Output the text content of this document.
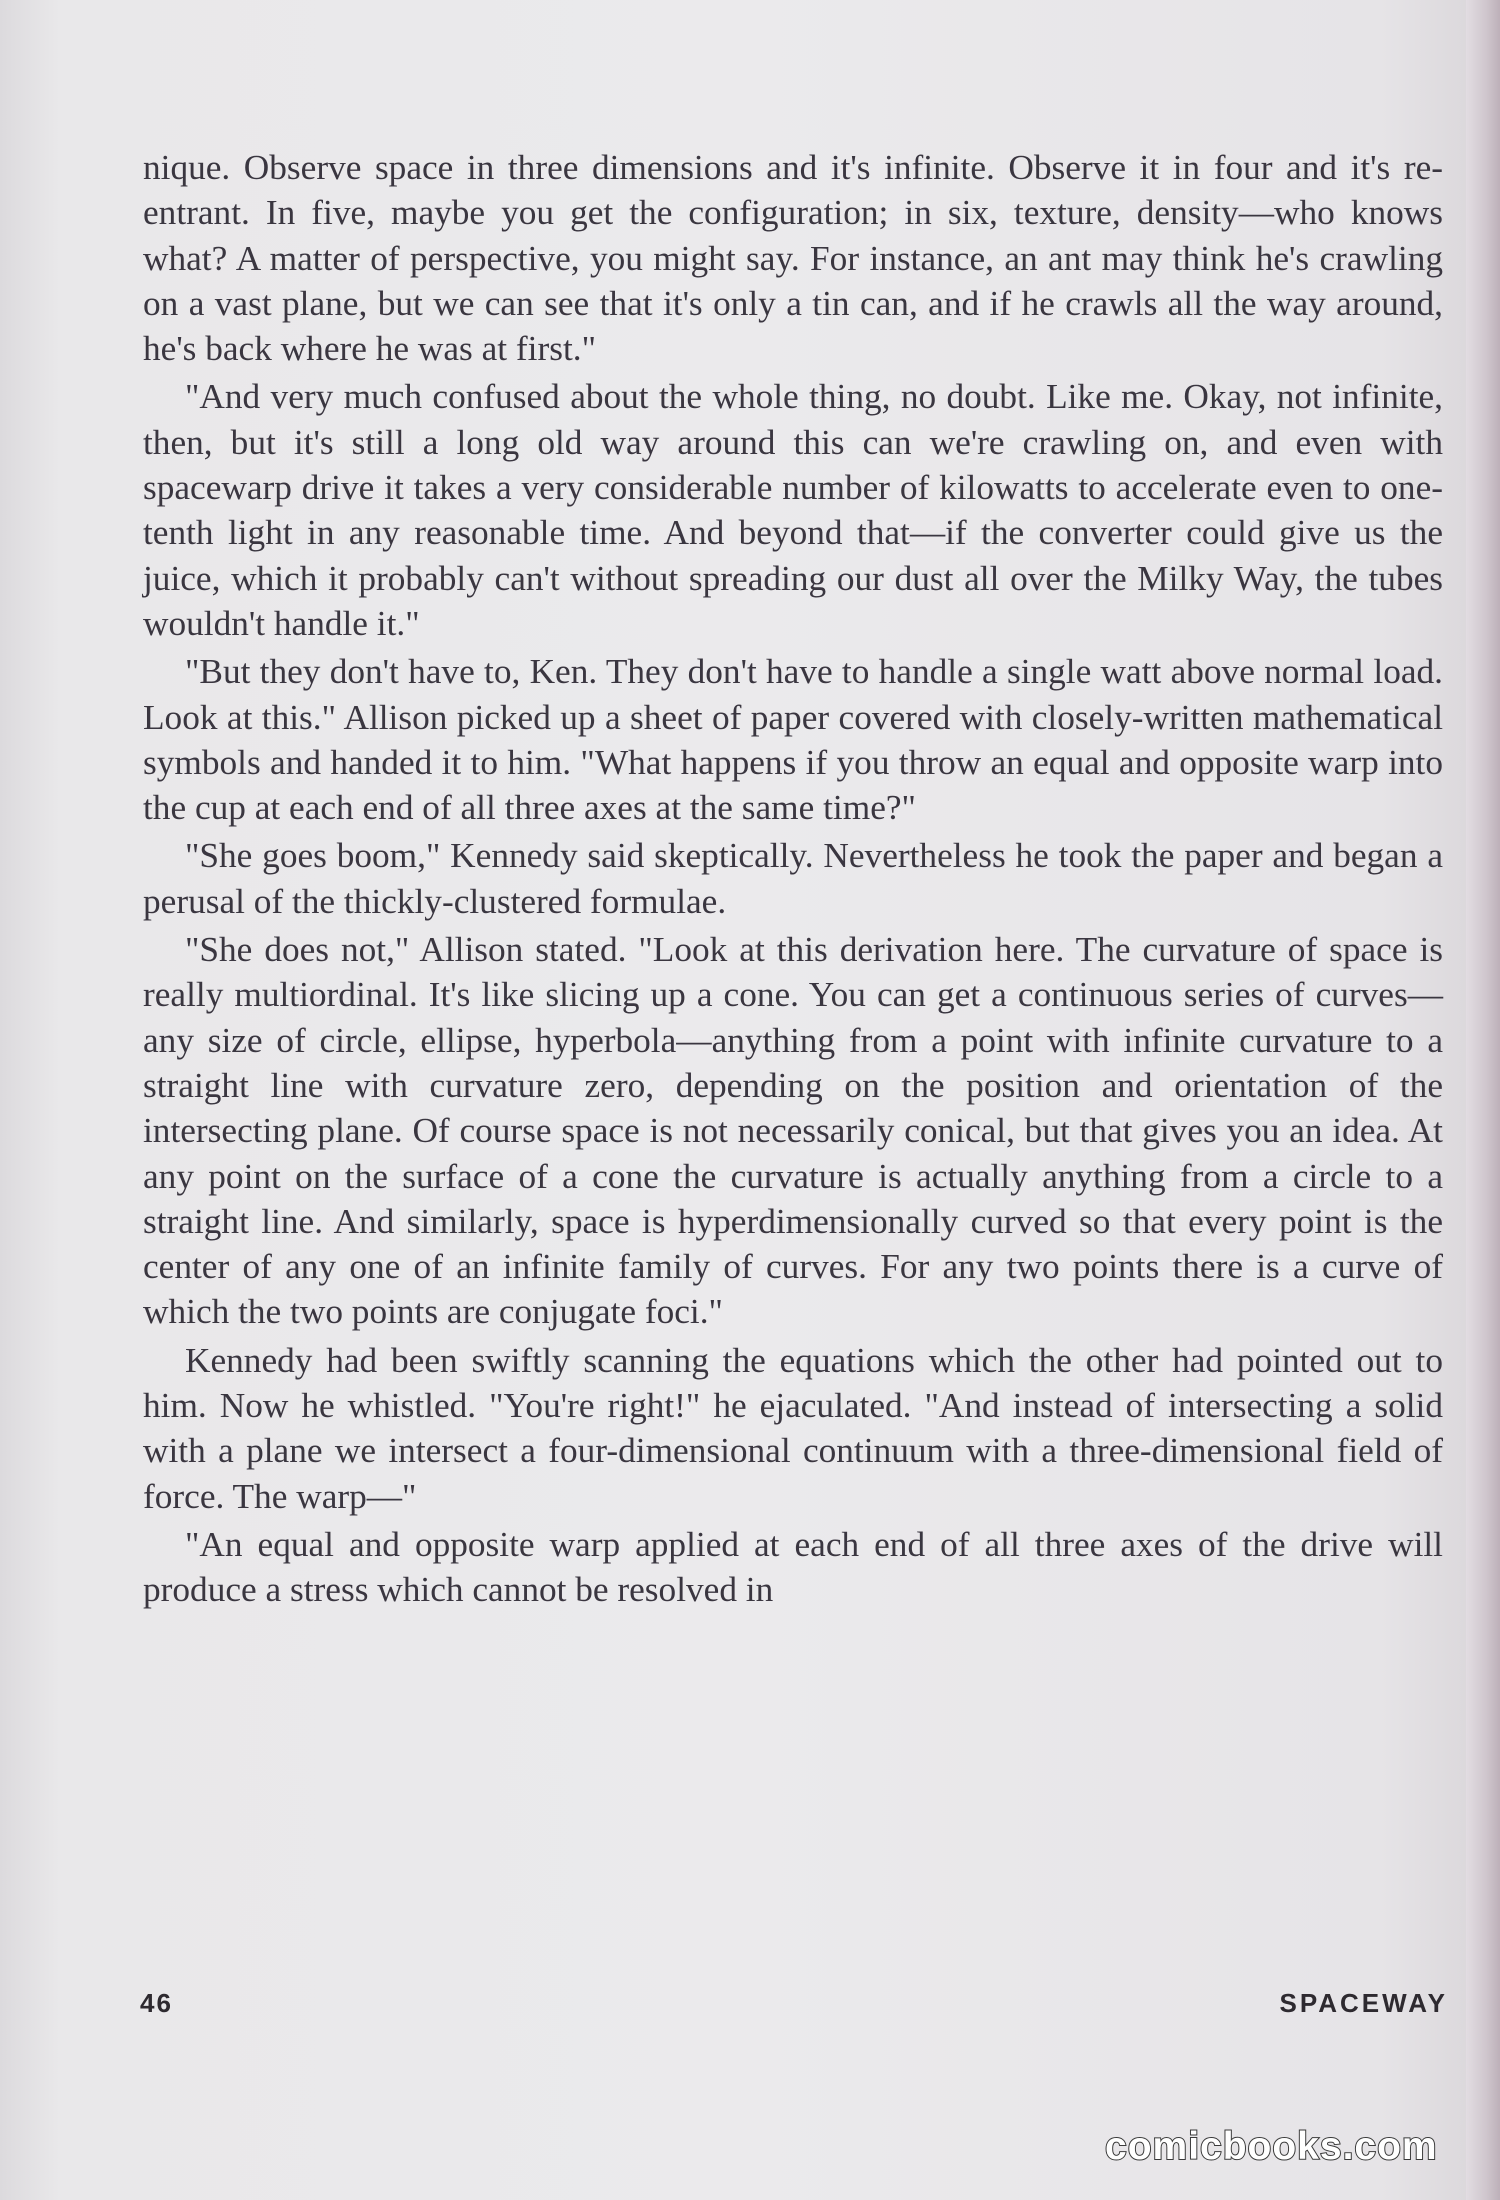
nique. Observe space in three dimensions and it's infinite. Observe it in four and it's re-entrant. In five, maybe you get the configuration; in six, texture, density—who knows what? A matter of perspective, you might say. For instance, an ant may think he's crawling on a vast plane, but we can see that it's only a tin can, and if he crawls all the way around, he's back where he was at first."

"And very much confused about the whole thing, no doubt. Like me. Okay, not infinite, then, but it's still a long old way around this can we're crawling on, and even with spacewarp drive it takes a very considerable number of kilowatts to accelerate even to one-tenth light in any reasonable time. And beyond that—if the converter could give us the juice, which it probably can't without spreading our dust all over the Milky Way, the tubes wouldn't handle it."

"But they don't have to, Ken. They don't have to handle a single watt above normal load. Look at this." Allison picked up a sheet of paper covered with closely-written mathematical symbols and handed it to him. "What happens if you throw an equal and opposite warp into the cup at each end of all three axes at the same time?"

"She goes boom," Kennedy said skeptically. Nevertheless he took the paper and began a perusal of the thickly-clustered formulae.

"She does not," Allison stated. "Look at this derivation here. The curvature of space is really multiordinal. It's like slicing up a cone. You can get a continuous series of curves—any size of circle, ellipse, hyperbola—anything from a point with infinite curvature to a straight line with curvature zero, depending on the position and orientation of the intersecting plane. Of course space is not necessarily conical, but that gives you an idea. At any point on the surface of a cone the curvature is actually anything from a circle to a straight line. And similarly, space is hyperdimensionally curved so that every point is the center of any one of an infinite family of curves. For any two points there is a curve of which the two points are conjugate foci."

Kennedy had been swiftly scanning the equations which the other had pointed out to him. Now he whistled. "You're right!" he ejaculated. "And instead of intersecting a solid with a plane we intersect a four-dimensional continuum with a three-dimensional field of force. The warp—"

"An equal and opposite warp applied at each end of all three axes of the drive will produce a stress which cannot be resolved in

46	SPACEWAY
comicbooks.com
